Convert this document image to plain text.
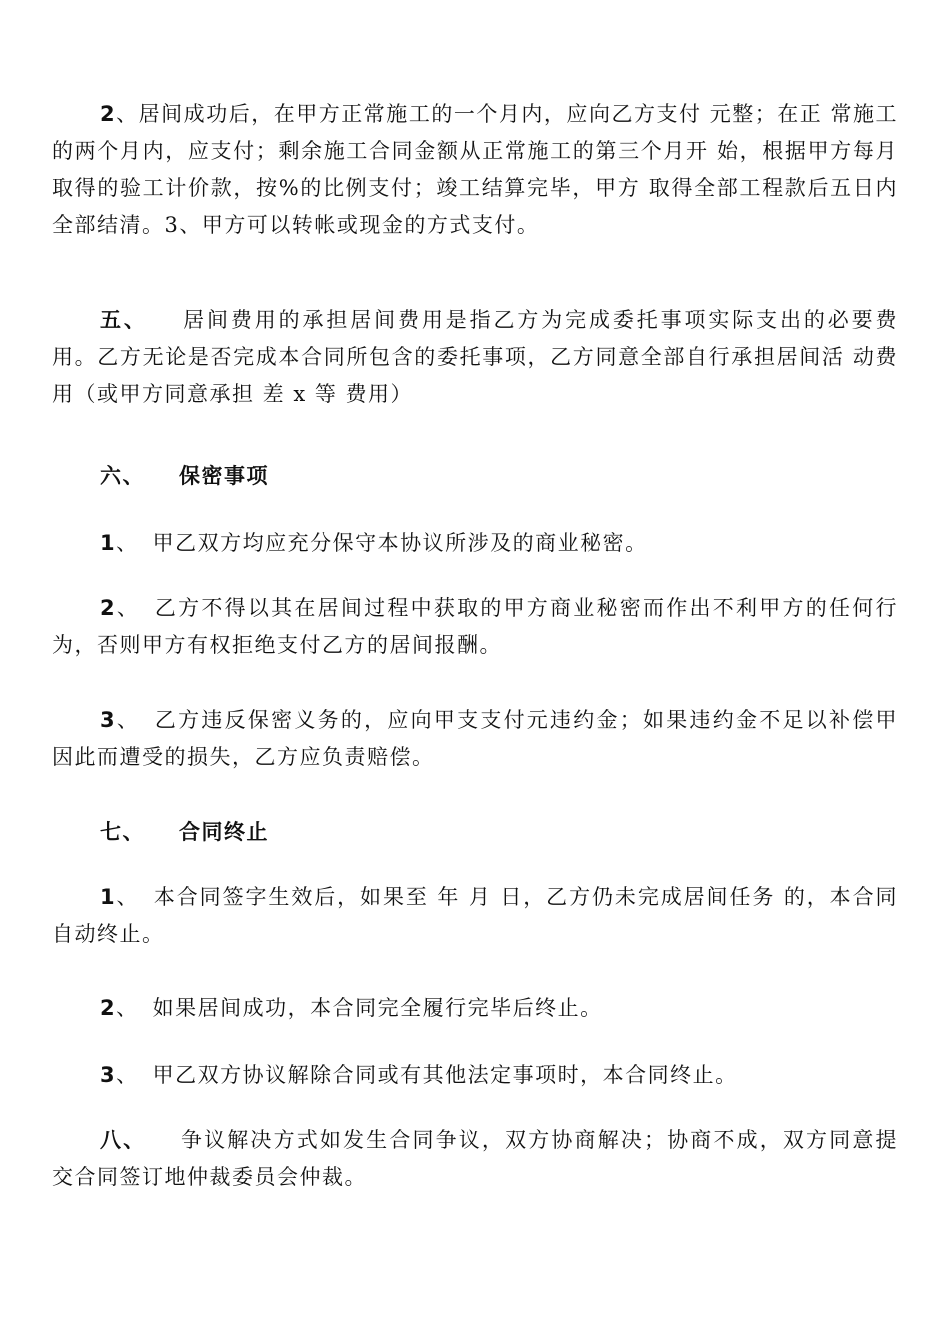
2、居间成功后，在甲方正常施工的一个月内，应向乙方支付 元整；在正 常施工的两个月内，应支付；剩余施工合同金额从正常施工的第三个月开 始，根据甲方每月取得的验工计价款，按%的比例支付；竣工结算完毕，甲方 取得全部工程款后五日内全部结清。3、甲方可以转帐或现金的方式支付。

五、 居间费用的承担居间费用是指乙方为完成委托事项实际支出的必要费用。乙方无论是否完成本合同所包含的委托事项，乙方同意全部自行承担居间活 动费用（或甲方同意承担 差 x 等 费用）

六、 保密事项

1、 甲乙双方均应充分保守本协议所涉及的商业秘密。

2、 乙方不得以其在居间过程中获取的甲方商业秘密而作出不利甲方的任何行为，否则甲方有权拒绝支付乙方的居间报酬。

3、 乙方违反保密义务的，应向甲支支付元违约金；如果违约金不足以补偿甲 因此而遭受的损失，乙方应负责赔偿。

七、 合同终止

1、 本合同签字生效后，如果至 年 月 日，乙方仍未完成居间任务 的，本合同自动终止。

2、 如果居间成功，本合同完全履行完毕后终止。

3、 甲乙双方协议解除合同或有其他法定事项时，本合同终止。

八、 争议解决方式如发生合同争议，双方协商解决；协商不成，双方同意提交合同签订地仲裁委员会仲裁。
